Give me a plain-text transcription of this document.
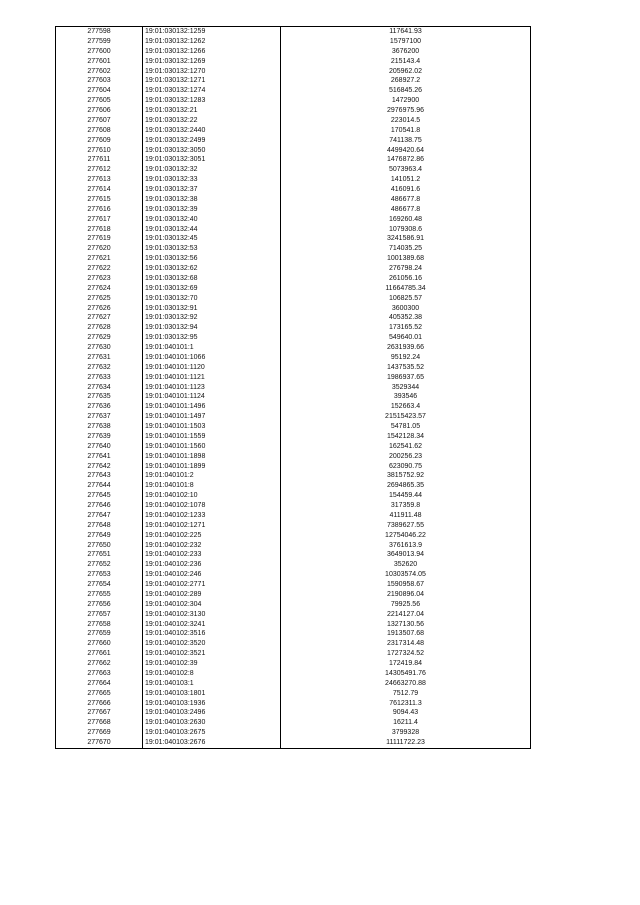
277598	19:01:030132:1259	117641.93
277599	19:01:030132:1262	15797100
277600	19:01:030132:1266	3676200
277601	19:01:030132:1269	215143.4
277602	19:01:030132:1270	205962.02
277603	19:01:030132:1271	268927.2
277604	19:01:030132:1274	516845.26
277605	19:01:030132:1283	1472900
277606	19:01:030132:21	2976975.96
277607	19:01:030132:22	223014.5
277608	19:01:030132:2440	170541.8
277609	19:01:030132:2499	741138.75
277610	19:01:030132:3050	4499420.64
277611	19:01:030132:3051	1476872.86
277612	19:01:030132:32	5073963.4
277613	19:01:030132:33	141051.2
277614	19:01:030132:37	416091.6
277615	19:01:030132:38	486677.8
277616	19:01:030132:39	486677.8
277617	19:01:030132:40	169260.48
277618	19:01:030132:44	1079308.6
277619	19:01:030132:45	3241586.91
277620	19:01:030132:53	714035.25
277621	19:01:030132:56	1001389.68
277622	19:01:030132:62	276798.24
277623	19:01:030132:68	261056.16
277624	19:01:030132:69	11664785.34
277625	19:01:030132:70	106825.57
277626	19:01:030132:91	3600300
277627	19:01:030132:92	405352.38
277628	19:01:030132:94	173165.52
277629	19:01:030132:95	549640.01
277630	19:01:040101:1	2631939.66
277631	19:01:040101:1066	95192.24
277632	19:01:040101:1120	1437535.52
277633	19:01:040101:1121	1986937.65
277634	19:01:040101:1123	3529344
277635	19:01:040101:1124	393546
277636	19:01:040101:1496	152663.4
277637	19:01:040101:1497	21515423.57
277638	19:01:040101:1503	54781.05
277639	19:01:040101:1559	1542128.34
277640	19:01:040101:1560	162541.62
277641	19:01:040101:1898	200256.23
277642	19:01:040101:1899	623090.75
277643	19:01:040101:2	3815752.92
277644	19:01:040101:8	2694865.35
277645	19:01:040102:10	154459.44
277646	19:01:040102:1078	317359.8
277647	19:01:040102:1233	411911.48
277648	19:01:040102:1271	7389627.55
277649	19:01:040102:225	12754046.22
277650	19:01:040102:232	3761613.9
277651	19:01:040102:233	3649013.94
277652	19:01:040102:236	352620
277653	19:01:040102:246	10303574.05
277654	19:01:040102:2771	1590958.67
277655	19:01:040102:289	2190896.04
277656	19:01:040102:304	79925.56
277657	19:01:040102:3130	2214127.04
277658	19:01:040102:3241	1327130.56
277659	19:01:040102:3516	1913507.68
277660	19:01:040102:3520	2317314.48
277661	19:01:040102:3521	1727324.52
277662	19:01:040102:39	172419.84
277663	19:01:040102:8	14305491.76
277664	19:01:040103:1	24663270.88
277665	19:01:040103:1801	7512.79
277666	19:01:040103:1936	7612311.3
277667	19:01:040103:2496	9094.43
277668	19:01:040103:2630	16211.4
277669	19:01:040103:2675	3799328
277670	19:01:040103:2676	11111722.23
